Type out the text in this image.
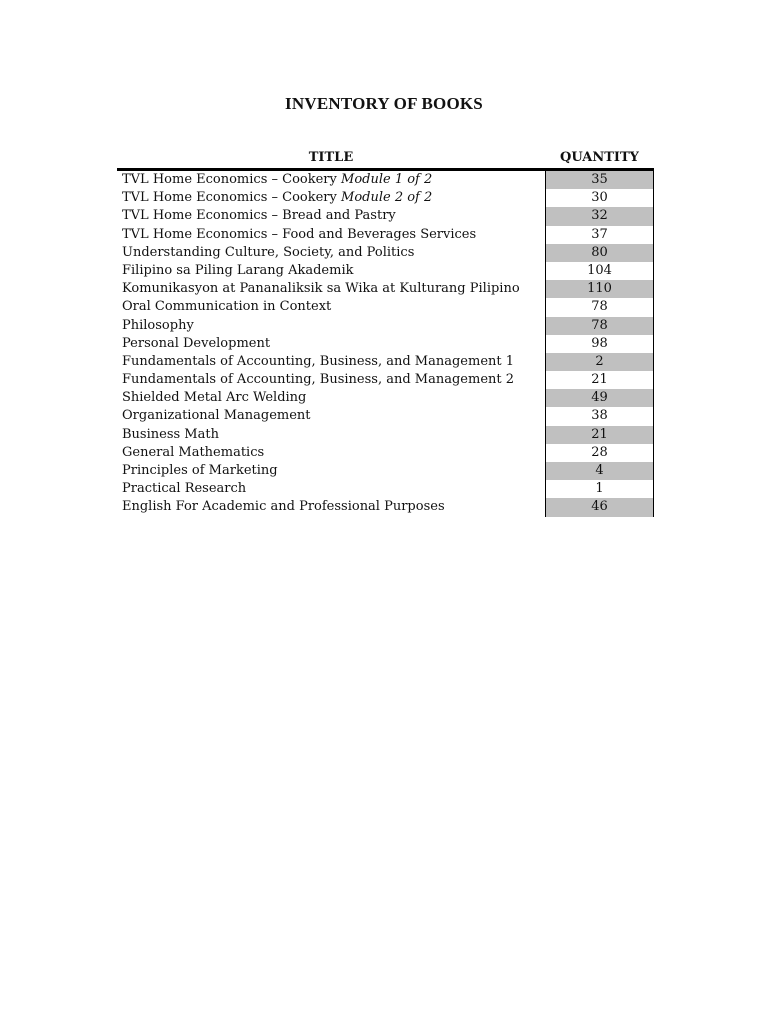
INVENTORY OF BOOKS
TITLE	QUANTITY
TVL Home Economics – Cookery Module 1 of 2	35
TVL Home Economics – Cookery Module 2 of 2	30
TVL Home Economics – Bread and Pastry	32
TVL Home Economics – Food and Beverages Services	37
Understanding Culture, Society, and Politics	80
Filipino sa Piling Larang Akademik	104
Komunikasyon at Pananaliksik sa Wika at Kulturang Pilipino	110
Oral Communication in Context	78
Philosophy	78
Personal Development	98
Fundamentals of Accounting, Business, and Management 1	2
Fundamentals of Accounting, Business, and Management 2	21
Shielded Metal Arc Welding	49
Organizational Management	38
Business Math	21
General Mathematics	28
Principles of Marketing	4
Practical Research	1
English For Academic and Professional Purposes	46
